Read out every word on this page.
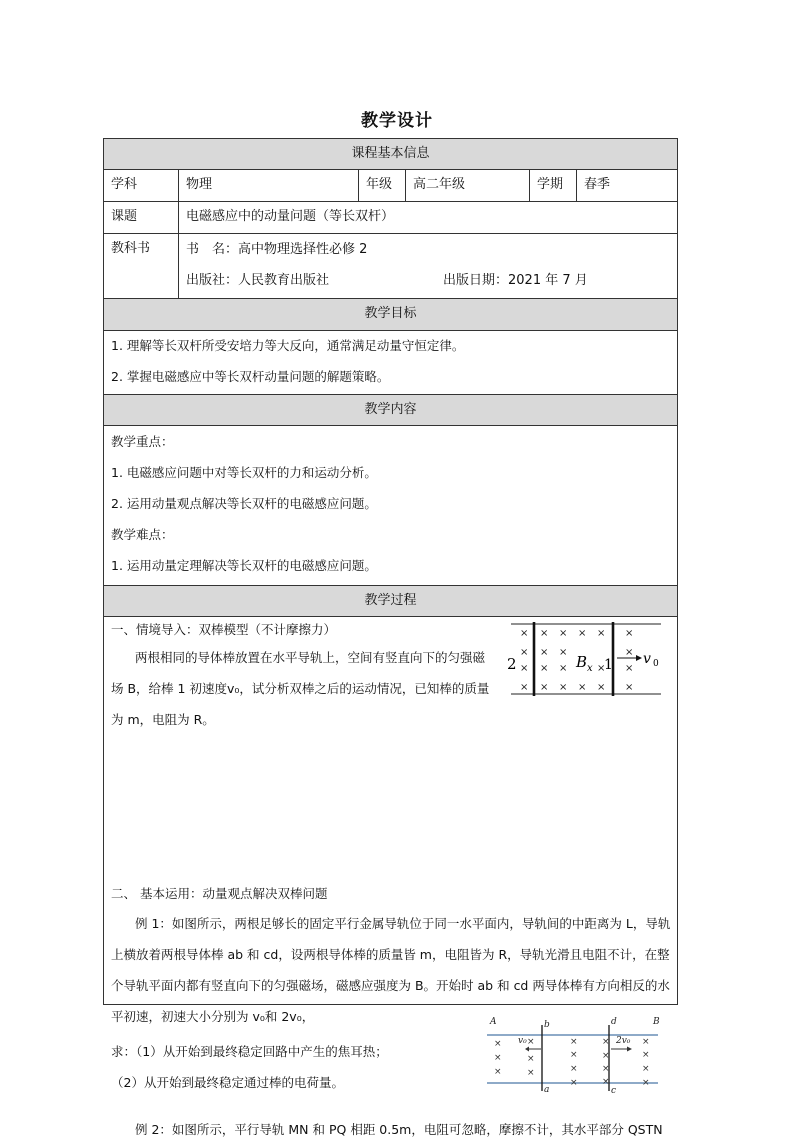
教学设计
课程基本信息
学科	物理	年级	高二年级	学期	春季
课题	电磁感应中的动量问题（等长双杆）
教科书	书　名：高中物理选择性必修 2
出版社：人民教育出版社	出版日期：2021 年 7 月
教学目标
1. 理解等长双杆所受安培力等大反向，通常满足动量守恒定律。
2. 掌握电磁感应中等长双杆动量问题的解题策略。
教学内容
教学重点：
1. 电磁感应问题中对等长双杆的力和运动分析。
2. 运用动量观点解决等长双杆的电磁感应问题。
教学难点：
1. 运用动量定理解决等长双杆的电磁感应问题。
教学过程
一、情境导入：双棒模型（不计摩擦力）
两根相同的导体棒放置在水平导轨上，空间有竖直向下的匀强磁场 B，给棒 1 初速度v₀，试分析双棒之后的运动情况，已知棒的质量为 m，电阻为 R。
× × × × × ×
× × ×	×
× × ×	× ×
× × × × × ×
2	1
B x
v 0
二、 基本运用：动量观点解决双棒问题
例 1：如图所示，两根足够长的固定平行金属导轨位于同一水平面内，导轨间的中距离为 L，导轨上横放着两根导体棒 ab 和 cd，设两根导体棒的质量皆 m，电阻皆为 R，导轨光滑且电阻不计，在整个导轨平面内都有竖直向下的匀强磁场，磁感应强度为 B。开始时 ab 和 cd 两导体棒有方向相反的水平初速，初速大小分别为 v₀和 2v₀，
求：（1）从开始到最终稳定回路中产生的焦耳热；
（2）从开始到最终稳定通过棒的电荷量。
×	×	×	×	×
×	×	×	×	×
×	×	×	×	×
×	×	×
A	B
b	d
a	c
v₀	2v₀
例 2：如图所示，平行导轨 MN 和 PQ 相距 0.5m，电阻可忽略，摩擦不计，其水平部分 QSTN
